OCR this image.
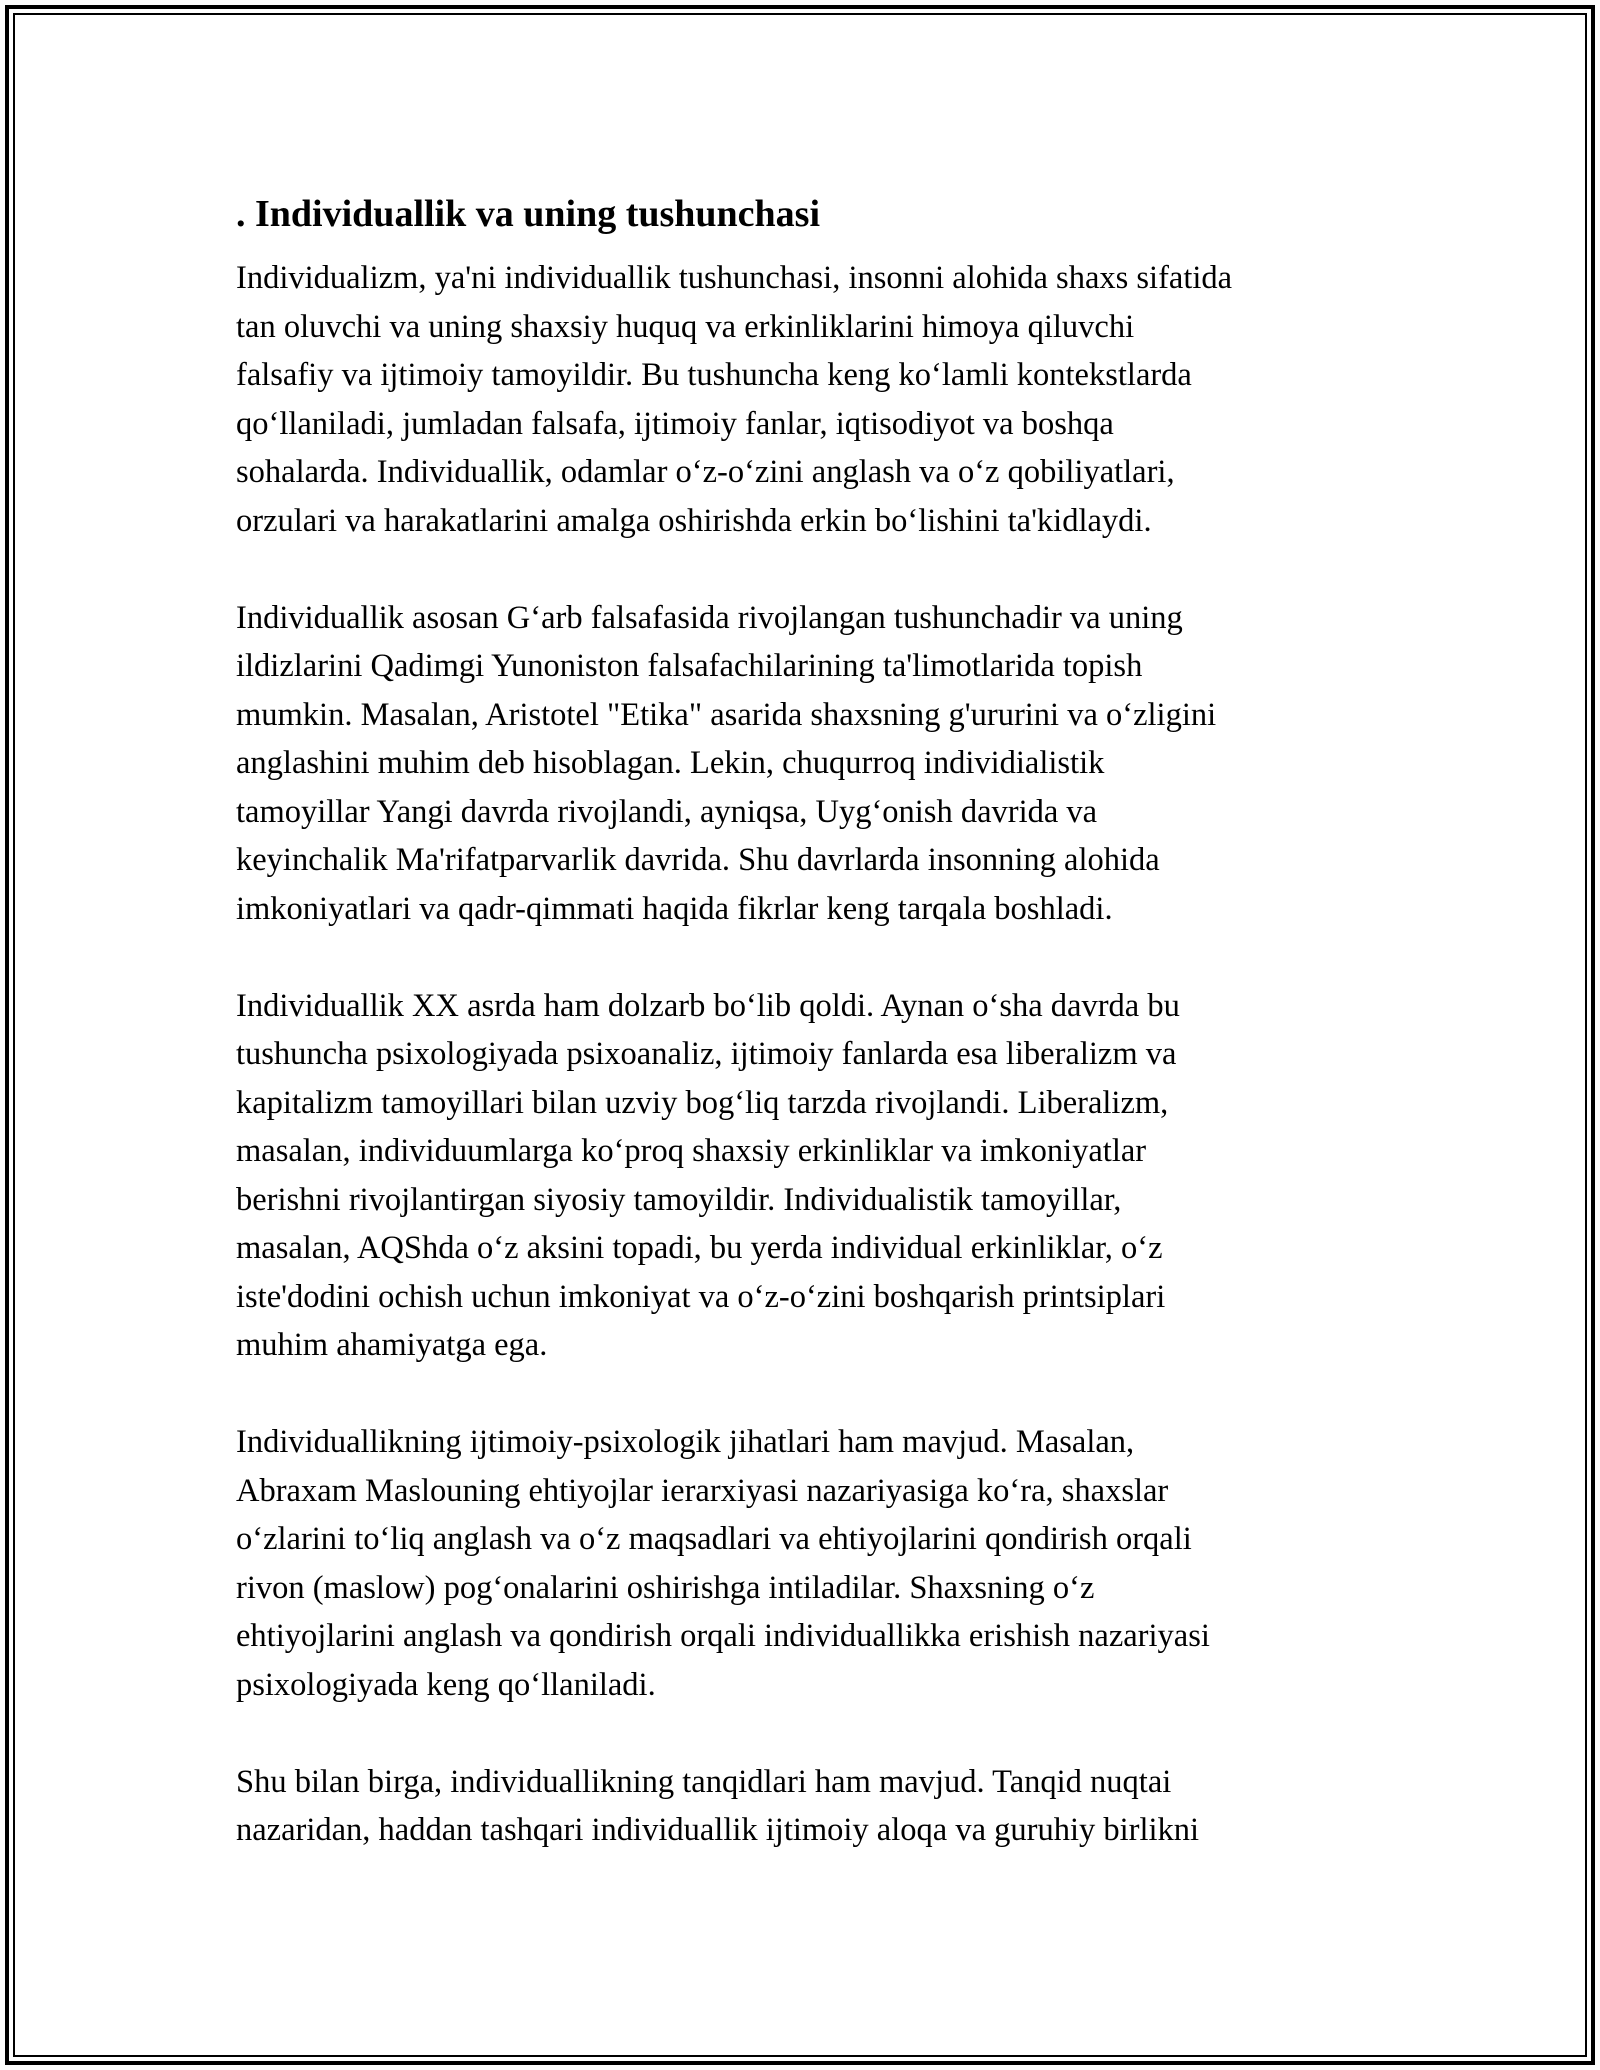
. Individuallik va uning tushunchasi
Individualizm, ya'ni individuallik tushunchasi, insonni alohida shaxs sifatida
tan oluvchi va uning shaxsiy huquq va erkinliklarini himoya qiluvchi
falsafiy va ijtimoiy tamoyildir. Bu tushuncha keng koʻlamli kontekstlarda
qoʻllaniladi, jumladan falsafa, ijtimoiy fanlar, iqtisodiyot va boshqa
sohalarda. Individuallik, odamlar oʻz-oʻzini anglash va oʻz qobiliyatlari,
orzulari va harakatlarini amalga oshirishda erkin boʻlishini ta'kidlaydi.
Individuallik asosan Gʻarb falsafasida rivojlangan tushunchadir va uning
ildizlarini Qadimgi Yunoniston falsafachilarining ta'limotlarida topish
mumkin. Masalan, Aristotel "Etika" asarida shaxsning g'ururini va oʻzligini
anglashini muhim deb hisoblagan. Lekin, chuqurroq individialistik
tamoyillar Yangi davrda rivojlandi, ayniqsa, Uygʻonish davrida va
keyinchalik Ma'rifatparvarlik davrida. Shu davrlarda insonning alohida
imkoniyatlari va qadr-qimmati haqida fikrlar keng tarqala boshladi.
Individuallik XX asrda ham dolzarb boʻlib qoldi. Aynan oʻsha davrda bu
tushuncha psixologiyada psixoanaliz, ijtimoiy fanlarda esa liberalizm va
kapitalizm tamoyillari bilan uzviy bogʻliq tarzda rivojlandi. Liberalizm,
masalan, individuumlarga koʻproq shaxsiy erkinliklar va imkoniyatlar
berishni rivojlantirgan siyosiy tamoyildir. Individualistik tamoyillar,
masalan, AQShda oʻz aksini topadi, bu yerda individual erkinliklar, oʻz
iste'dodini ochish uchun imkoniyat va oʻz-oʻzini boshqarish printsiplari
muhim ahamiyatga ega.
Individuallikning ijtimoiy-psixologik jihatlari ham mavjud. Masalan,
Abraxam Maslouning ehtiyojlar ierarxiyasi nazariyasiga koʻra, shaxslar
oʻzlarini toʻliq anglash va oʻz maqsadlari va ehtiyojlarini qondirish orqali
rivon (maslow) pogʻonalarini oshirishga intiladilar. Shaxsning oʻz
ehtiyojlarini anglash va qondirish orqali individuallikka erishish nazariyasi
psixologiyada keng qoʻllaniladi.
Shu bilan birga, individuallikning tanqidlari ham mavjud. Tanqid nuqtai
nazaridan, haddan tashqari individuallik ijtimoiy aloqa va guruhiy birlikni
